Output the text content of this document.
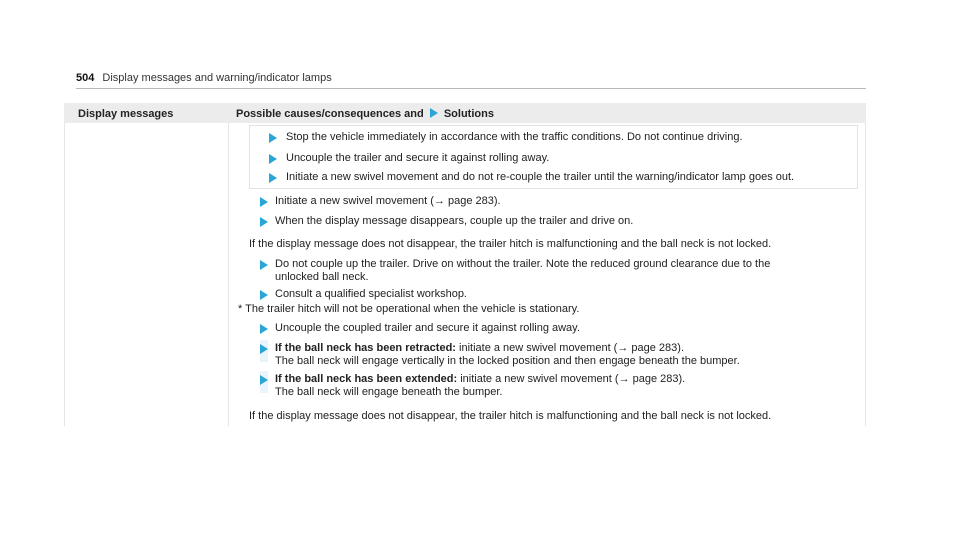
504 Display messages and warning/indicator lamps
Display messages	Possible causes/consequences and Solutions
Stop the vehicle immediately in accordance with the traffic conditions. Do not continue driving.
Uncouple the trailer and secure it against rolling away.
Initiate a new swivel movement and do not re-couple the trailer until the warning/indicator lamp goes out.
Initiate a new swivel movement (→ page 283).
When the display message disappears, couple up the trailer and drive on.
If the display message does not disappear, the trailer hitch is malfunctioning and the ball neck is not locked.
Do not couple up the trailer. Drive on without the trailer. Note the reduced ground clearance due to the
unlocked ball neck.
Consult a qualified specialist workshop.
* The trailer hitch will not be operational when the vehicle is stationary.
Uncouple the coupled trailer and secure it against rolling away.
If the ball neck has been retracted: initiate a new swivel movement (→ page 283).
The ball neck will engage vertically in the locked position and then engage beneath the bumper.
If the ball neck has been extended: initiate a new swivel movement (→ page 283).
The ball neck will engage beneath the bumper.
If the display message does not disappear, the trailer hitch is malfunctioning and the ball neck is not locked.
